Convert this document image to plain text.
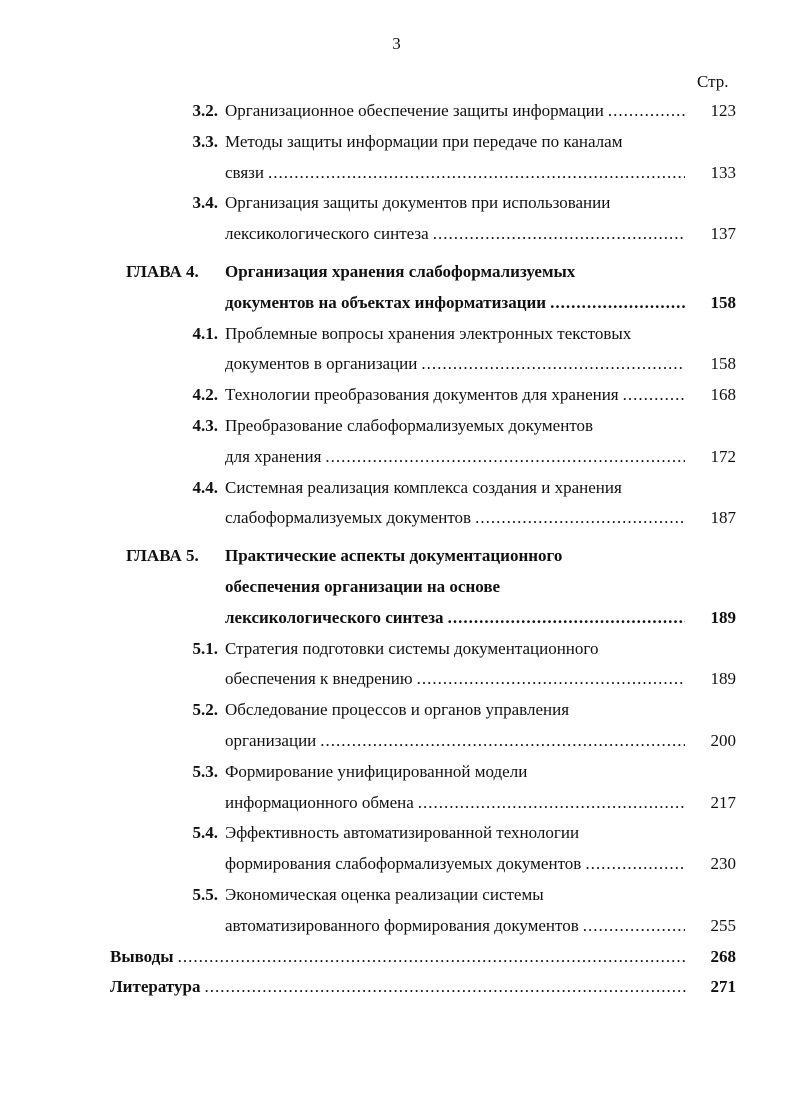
3
Стр.
3.2. Организационное обеспечение защиты информации .....	123
3.3. Методы защиты информации при передаче по каналам
связи .....	133
3.4. Организация защиты документов при использовании
лексикологического синтеза .....	137
ГЛАВА 4.	Организация хранения слабоформализуемых
документов на объектах информатизации .....	158
4.1. Проблемные вопросы хранения электронных текстовых
документов в организации .....	158
4.2. Технологии преобразования документов для хранения .....	168
4.3. Преобразование слабоформализуемых документов
для хранения .....	172
4.4. Системная реализация комплекса создания и хранения
слабоформализуемых документов .....	187
ГЛАВА 5.	Практические аспекты документационного
обеспечения организации на основе
лексикологического синтеза .....	189
5.1. Стратегия подготовки системы документационного
обеспечения к внедрению .....	189
5.2. Обследование процессов и органов управления
организации .....	200
5.3. Формирование унифицированной модели
информационного обмена .....	217
5.4. Эффективность автоматизированной технологии
формирования слабоформализуемых документов .....	230
5.5. Экономическая оценка реализации системы
автоматизированного формирования документов .....	255
Выводы .....	268
Литература .....	271
